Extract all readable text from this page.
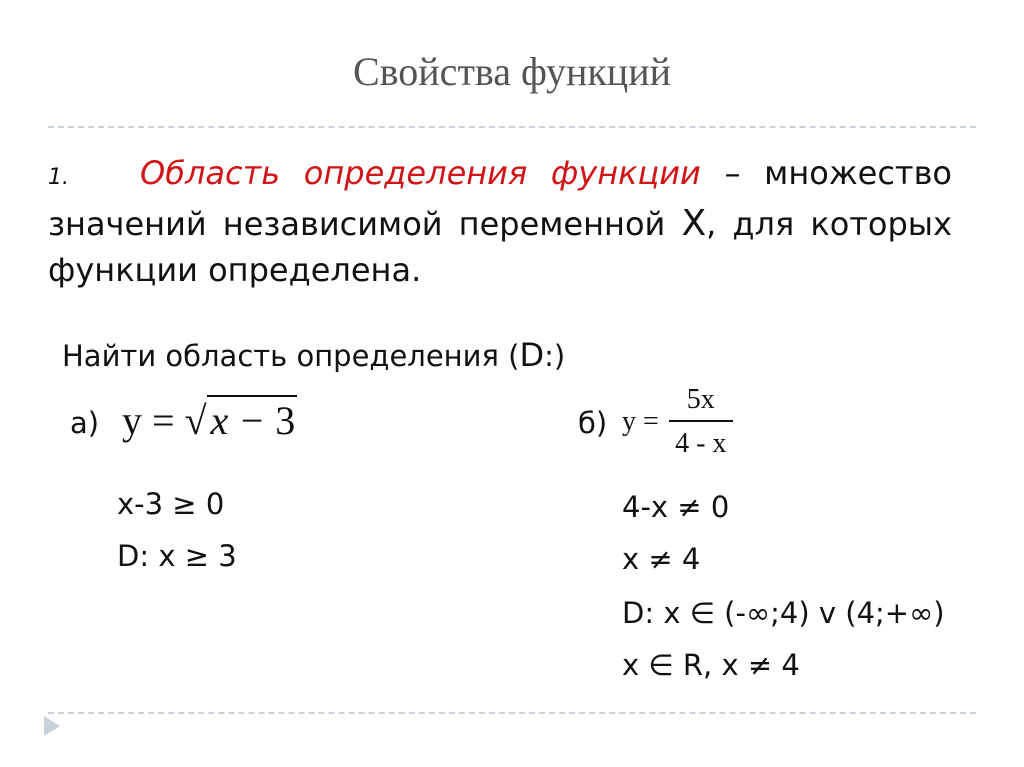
Свойства функций
1. Область определения функции – множество значений независимой переменной X, для которых функции определена.
Найти область определения (D:)
а) y = √ x − 3	б) $y = \frac{5x}{4 - x}$
x-3 ≥ 0
D: x ≥ 3
4-x ≠ 0
x ≠ 4
D: x ∈ (-∞;4) v (4;+∞)
x ∈ R, x ≠ 4
